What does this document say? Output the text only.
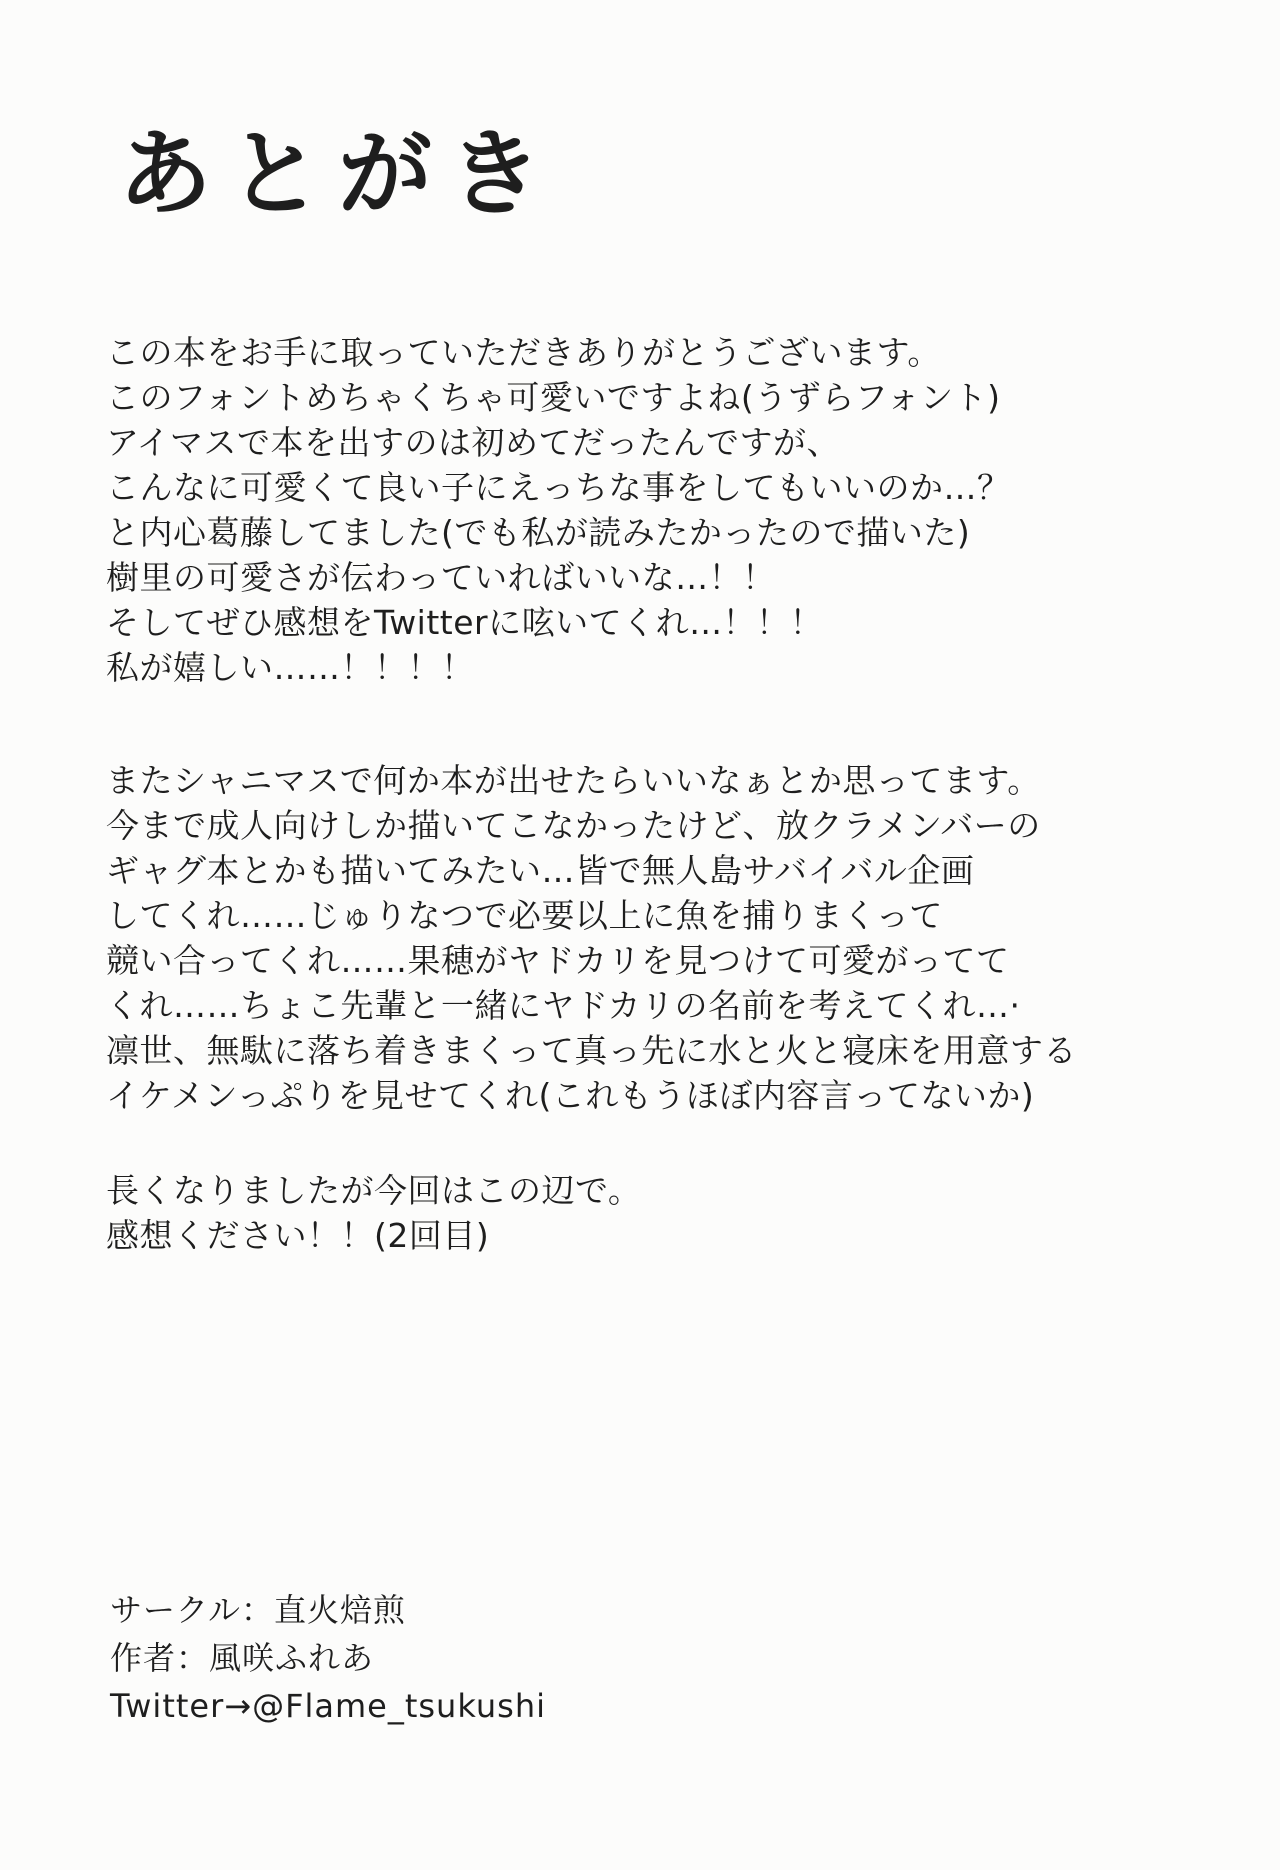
あとがき
この本をお手に取っていただきありがとうございます。
このフォントめちゃくちゃ可愛いですよね(うずらフォント)
アイマスで本を出すのは初めてだったんですが、
こんなに可愛くて良い子にえっちな事をしてもいいのか…？
と内心葛藤してました(でも私が読みたかったので描いた)
樹里の可愛さが伝わっていればいいな…！！
そしてぜひ感想をTwitterに呟いてくれ…！！！
私が嬉しい……！！！！
またシャニマスで何か本が出せたらいいなぁとか思ってます。
今まで成人向けしか描いてこなかったけど、放クラメンバーの
ギャグ本とかも描いてみたい…皆で無人島サバイバル企画
してくれ……じゅりなつで必要以上に魚を捕りまくって
競い合ってくれ……果穂がヤドカリを見つけて可愛がってて
くれ……ちょこ先輩と一緒にヤドカリの名前を考えてくれ…·
凛世、無駄に落ち着きまくって真っ先に水と火と寝床を用意する
イケメンっぷりを見せてくれ(これもうほぼ内容言ってないか)
長くなりましたが今回はこの辺で。
感想ください！！(2回目)
サークル：直火焙煎
作者：風咲ふれあ
Twitter→@Flame_tsukushi
